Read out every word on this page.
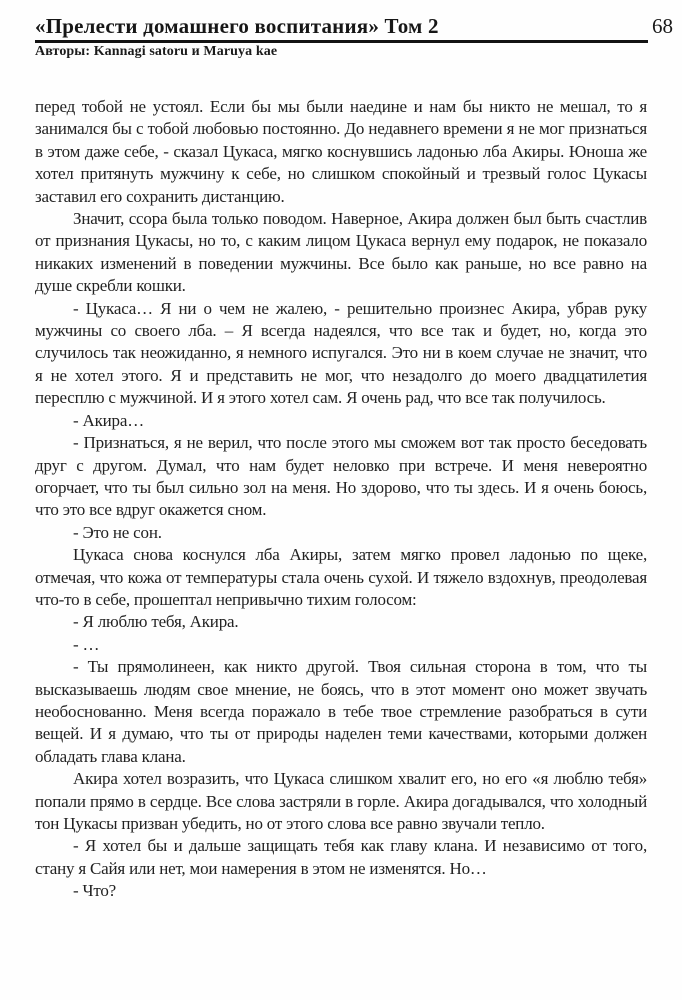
«Прелести домашнего воспитания» Том 2	68
Авторы: Kannagi satoru и Maruya kae

перед тобой не устоял. Если бы мы были наедине и нам бы никто не мешал, то я занимался бы с тобой любовью постоянно. До недавнего времени я не мог признаться в этом даже себе, - сказал Цукаса, мягко коснувшись ладонью лба Акиры. Юноша же хотел притянуть мужчину к себе, но слишком спокойный и трезвый голос Цукасы заставил его сохранить дистанцию.

Значит, ссора была только поводом. Наверное, Акира должен был быть счастлив от признания Цукасы, но то, с каким лицом Цукаса вернул ему подарок, не показало никаких изменений в поведении мужчины. Все было как раньше, но все равно на душе скребли кошки.

- Цукаса… Я ни о чем не жалею, - решительно произнес Акира, убрав руку мужчины со своего лба. – Я всегда надеялся, что все так и будет, но, когда это случилось так неожиданно, я немного испугался. Это ни в коем случае не значит, что я не хотел этого. Я и представить не мог, что незадолго до моего двадцатилетия пересплю с мужчиной. И я этого хотел сам. Я очень рад, что все так получилось.

- Акира…

- Признаться, я не верил, что после этого мы сможем вот так просто беседовать друг с другом. Думал, что нам будет неловко при встрече. И меня невероятно огорчает, что ты был сильно зол на меня. Но здорово, что ты здесь. И я очень боюсь, что это все вдруг окажется сном.

- Это не сон.

Цукаса снова коснулся лба Акиры, затем мягко провел ладонью по щеке, отмечая, что кожа от температуры стала очень сухой. И тяжело вздохнув, преодолевая что-то в себе, прошептал непривычно тихим голосом:

- Я люблю тебя, Акира.

- …

- Ты прямолинеен, как никто другой. Твоя сильная сторона в том, что ты высказываешь людям свое мнение, не боясь, что в этот момент оно может звучать необоснованно. Меня всегда поражало в тебе твое стремление разобраться в сути вещей. И я думаю, что ты от природы наделен теми качествами, которыми должен обладать глава клана.

Акира хотел возразить, что Цукаса слишком хвалит его, но его «я люблю тебя» попали прямо в сердце. Все слова застряли в горле. Акира догадывался, что холодный тон Цукасы призван убедить, но от этого слова все равно звучали тепло.

- Я хотел бы и дальше защищать тебя как главу клана. И независимо от того, стану я Сайя или нет, мои намерения в этом не изменятся. Но…

- Что?
